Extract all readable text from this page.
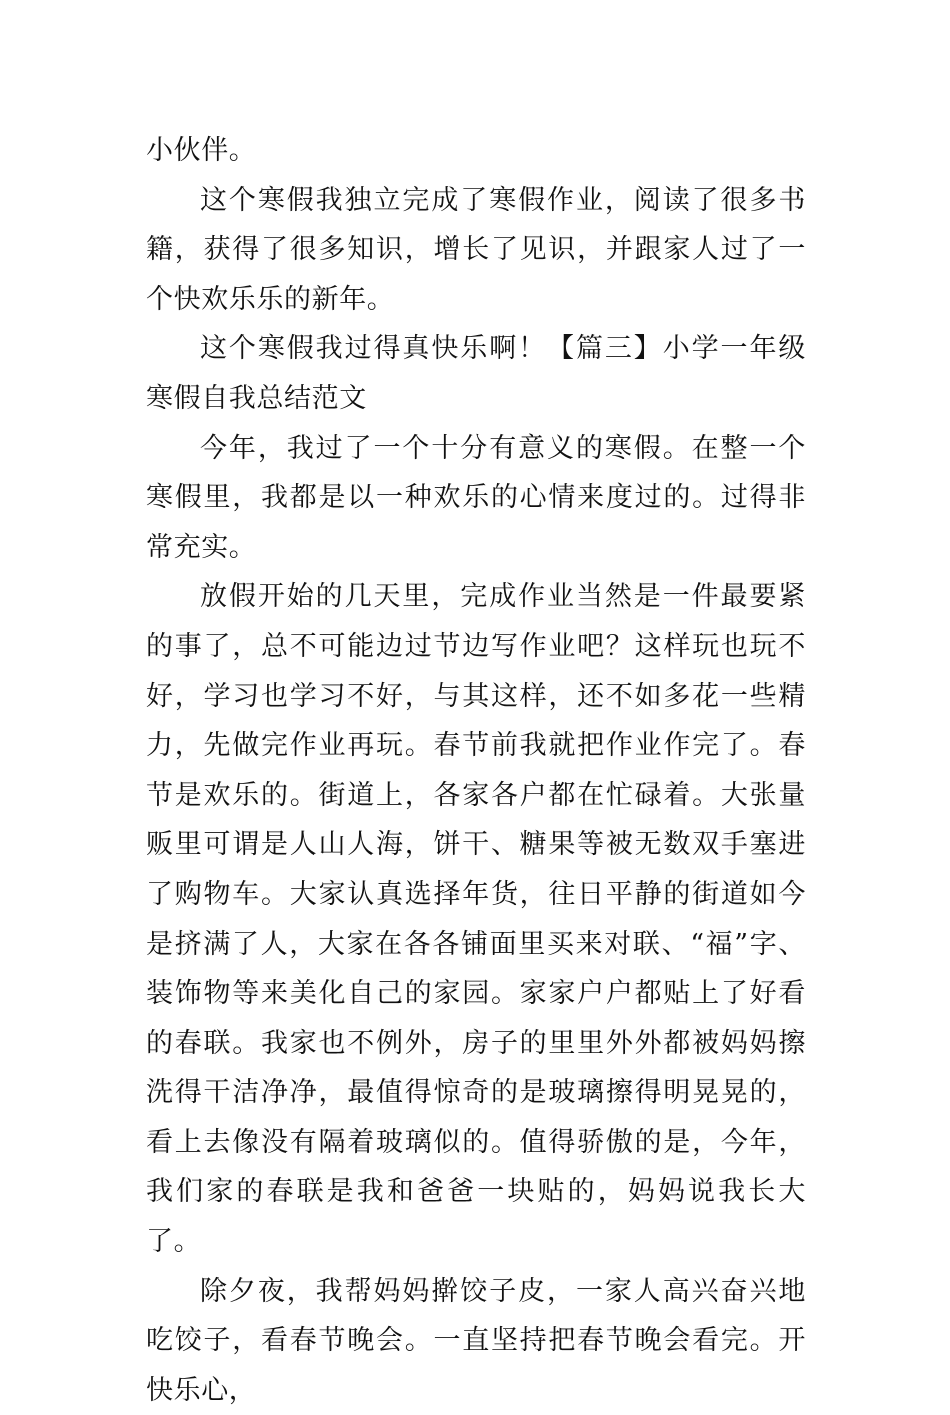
小伙伴。

这个寒假我独立完成了寒假作业，阅读了很多书籍，获得了很多知识，增长了见识，并跟家人过了一个快欢乐乐的新年。

这个寒假我过得真快乐啊！【篇三】小学一年级寒假自我总结范文

今年，我过了一个十分有意义的寒假。在整一个寒假里，我都是以一种欢乐的心情来度过的。过得非常充实。

放假开始的几天里，完成作业当然是一件最要紧的事了，总不可能边过节边写作业吧？这样玩也玩不好，学习也学习不好，与其这样，还不如多花一些精力，先做完作业再玩。春节前我就把作业作完了。春节是欢乐的。街道上，各家各户都在忙碌着。大张量贩里可谓是人山人海，饼干、糖果等被无数双手塞进了购物车。大家认真选择年货，往日平静的街道如今是挤满了人，大家在各各铺面里买来对联、“福”字、装饰物等来美化自己的家园。家家户户都贴上了好看的春联。我家也不例外，房子的里里外外都被妈妈擦洗得干洁净净，最值得惊奇的是玻璃擦得明晃晃的，看上去像没有隔着玻璃似的。值得骄傲的是，今年，我们家的春联是我和爸爸一块贴的，妈妈说我长大了。

除夕夜，我帮妈妈擀饺子皮，一家人高兴奋兴地吃饺子，看春节晚会。一直坚持把春节晚会看完。开快乐心，
